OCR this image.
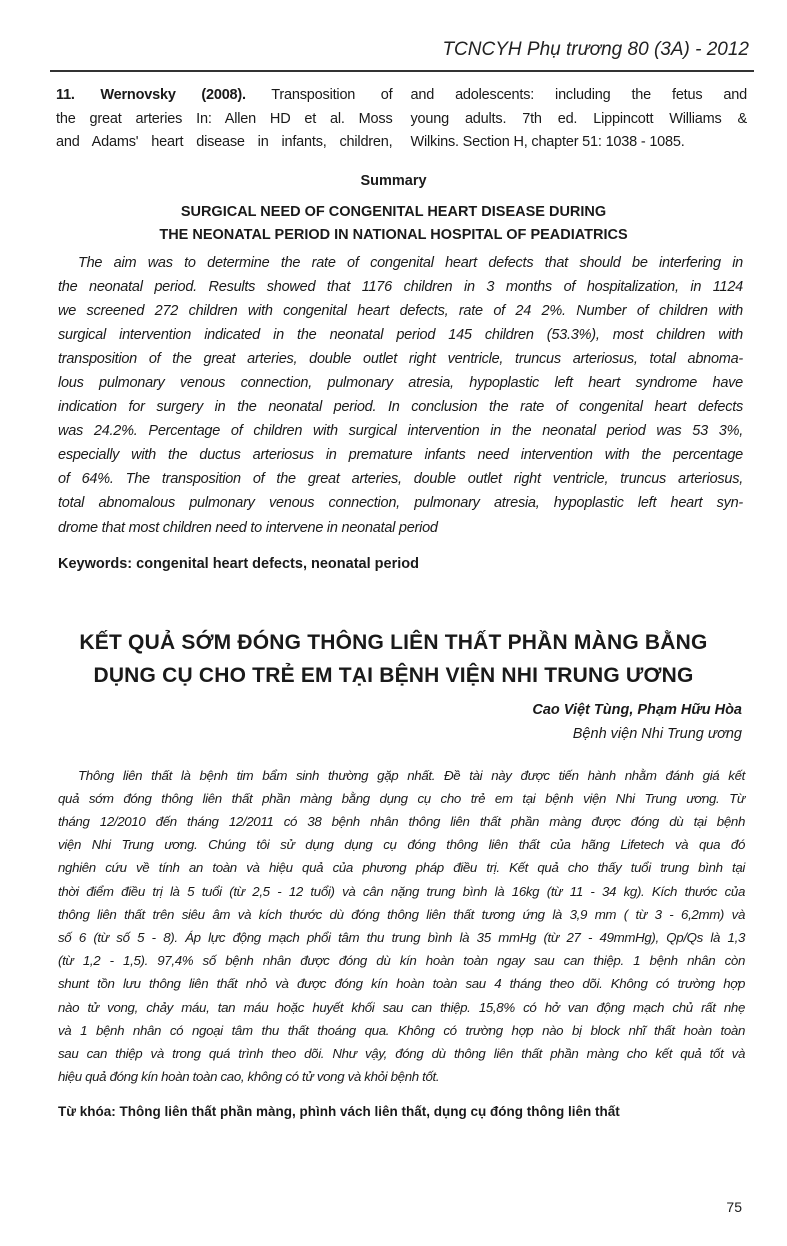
TCNCYH Phụ trương 80 (3A) - 2012
11. Wernovsky (2008). Transposition of
the great arteries In: Allen HD et al. Moss
and Adams' heart disease in infants, children,
and adolescents: including the fetus and
young adults. 7th ed. Lippincott Williams &
Wilkins. Section H, chapter 51: 1038 - 1085.
Summary
SURGICAL NEED OF CONGENITAL HEART DISEASE DURING
THE NEONATAL PERIOD IN NATIONAL HOSPITAL OF PEADIATRICS
The aim was to determine the rate of congenital heart defects that should be interfering in
the neonatal period. Results showed that 1176 children in 3 months of hospitalization, in 1124
we screened 272 children with congenital heart defects, rate of 24 2%. Number of children with
surgical intervention indicated in the neonatal period 145 children (53.3%), most children with
transposition of the great arteries, double outlet right ventricle, truncus arteriosus, total abnoma-
lous pulmonary venous connection, pulmonary atresia, hypoplastic left heart syndrome have
indication for surgery in the neonatal period. In conclusion the rate of congenital heart defects
was 24.2%. Percentage of children with surgical intervention in the neonatal period was 53 3%,
especially with the ductus arteriosus in premature infants need intervention with the percentage
of 64%. The transposition of the great arteries, double outlet right ventricle, truncus arteriosus,
total abnomalous pulmonary venous connection, pulmonary atresia, hypoplastic left heart syn-
drome that most children need to intervene in neonatal period
Keywords: congenital heart defects, neonatal period
KẾT QUẢ SỚM ĐÓNG THÔNG LIÊN THẤT PHẦN MÀNG BẰNG
DỤNG CỤ CHO TRẺ EM TẠI BỆNH VIỆN NHI TRUNG ƯƠNG
Cao Việt Tùng, Phạm Hữu Hòa
Bệnh viện Nhi Trung ương
Thông liên thất là bệnh tim bẩm sinh thường gặp nhất. Đề tài này được tiến hành nhằm đánh giá kết
quả sớm đóng thông liên thất phần màng bằng dụng cụ cho trẻ em tại bệnh viện Nhi Trung ương. Từ
tháng 12/2010 đến tháng 12/2011 có 38 bệnh nhân thông liên thất phần màng được đóng dù tại bệnh
viện Nhi Trung ương. Chúng tôi sử dụng dụng cụ đóng thông liên thất của hãng Lifetech và qua đó
nghiên cứu về tính an toàn và hiệu quả của phương pháp điều trị. Kết quả cho thấy tuổi trung bình tại
thời điểm điều trị là 5 tuổi (từ 2,5 - 12 tuổi) và cân nặng trung bình là 16kg (từ 11 - 34 kg). Kích thước của
thông liên thất trên siêu âm và kích thước dù đóng thông liên thất tương ứng là 3,9 mm ( từ 3 - 6,2mm) và
số 6 (từ số 5 - 8). Áp lực động mạch phổi tâm thu trung bình là 35 mmHg (từ 27 - 49mmHg), Qp/Qs là 1,3
(từ 1,2 - 1,5). 97,4% số bệnh nhân được đóng dù kín hoàn toàn ngay sau can thiệp. 1 bệnh nhân còn
shunt tồn lưu thông liên thất nhỏ và được đóng kín hoàn toàn sau 4 tháng theo dõi. Không có trường hợp
nào tử vong, chảy máu, tan máu hoặc huyết khối sau can thiệp. 15,8% có hở van động mạch chủ rất nhẹ
và 1 bệnh nhân có ngoại tâm thu thất thoáng qua. Không có trường hợp nào bị block nhĩ thất hoàn toàn
sau can thiệp và trong quá trình theo dõi. Như vậy, đóng dù thông liên thất phần màng cho kết quả tốt và
hiệu quả đóng kín hoàn toàn cao, không có tử vong và khỏi bệnh tốt.
Từ khóa: Thông liên thất phần màng, phình vách liên thất, dụng cụ đóng thông liên thất
75
